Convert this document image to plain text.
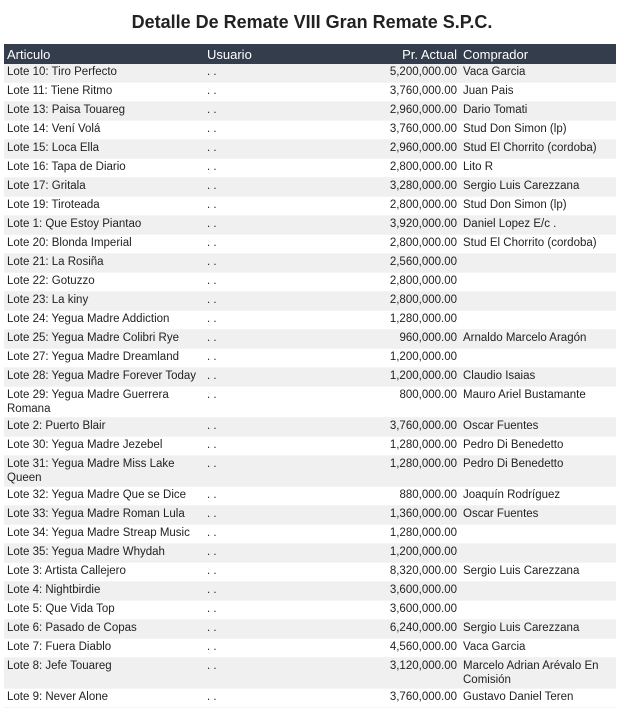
Detalle De Remate VIII Gran Remate S.P.C.
Articulo	Usuario	Pr. Actual	Comprador
Lote 10: Tiro Perfecto	. .	5,200,000.00	Vaca Garcia
Lote 11: Tiene Ritmo	. .	3,760,000.00	Juan Pais
Lote 13: Paisa Touareg	. .	2,960,000.00	Dario Tomati
Lote 14: Vení Volá	. .	3,760,000.00	Stud Don Simon (lp)
Lote 15: Loca Ella	. .	2,960,000.00	Stud El Chorrito (cordoba)
Lote 16: Tapa de Diario	. .	2,800,000.00	Lito R
Lote 17: Gritala	. .	3,280,000.00	Sergio Luis Carezzana
Lote 19: Tiroteada	. .	2,800,000.00	Stud Don Simon (lp)
Lote 1: Que Estoy Piantao	. .	3,920,000.00	Daniel Lopez E/c .
Lote 20: Blonda Imperial	. .	2,800,000.00	Stud El Chorrito (cordoba)
Lote 21: La Rosiña	. .	2,560,000.00	
Lote 22: Gotuzzo	. .	2,800,000.00	
Lote 23: La kiny	. .	2,800,000.00	
Lote 24: Yegua Madre Addiction	. .	1,280,000.00	
Lote 25: Yegua Madre Colibri Rye	. .	960,000.00	Arnaldo Marcelo Aragón
Lote 27: Yegua Madre Dreamland	. .	1,200,000.00	
Lote 28: Yegua Madre Forever Today	. .	1,200,000.00	Claudio Isaias
Lote 29: Yegua Madre Guerrera Romana	. .	800,000.00	Mauro Ariel Bustamante
Lote 2: Puerto Blair	. .	3,760,000.00	Oscar Fuentes
Lote 30: Yegua Madre Jezebel	. .	1,280,000.00	Pedro Di Benedetto
Lote 31: Yegua Madre Miss Lake Queen	. .	1,280,000.00	Pedro Di Benedetto
Lote 32: Yegua Madre Que se Dice	. .	880,000.00	Joaquín Rodríguez
Lote 33: Yegua Madre Roman Lula	. .	1,360,000.00	Oscar Fuentes
Lote 34: Yegua Madre Streap Music	. .	1,280,000.00	
Lote 35: Yegua Madre Whydah	. .	1,200,000.00	
Lote 3: Artista Callejero	. .	8,320,000.00	Sergio Luis Carezzana
Lote 4: Nightbirdie	. .	3,600,000.00	
Lote 5: Que Vida Top	. .	3,600,000.00	
Lote 6: Pasado de Copas	. .	6,240,000.00	Sergio Luis Carezzana
Lote 7: Fuera Diablo	. .	4,560,000.00	Vaca Garcia
Lote 8: Jefe Touareg	. .	3,120,000.00	Marcelo Adrian Arévalo En Comisión
Lote 9: Never Alone	. .	3,760,000.00	Gustavo Daniel Teren
